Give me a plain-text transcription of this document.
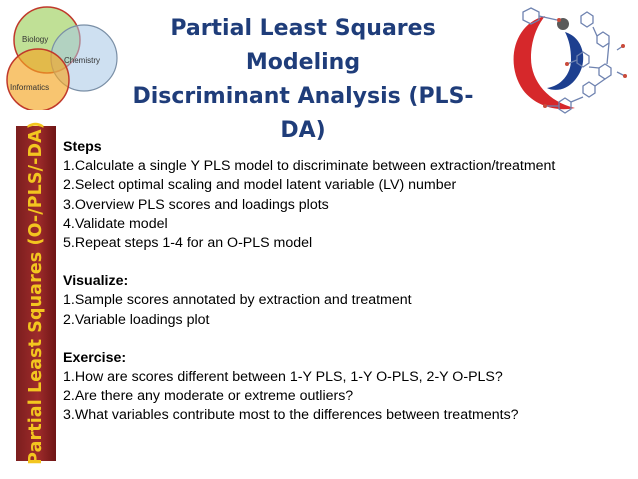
Biology
Chemistry
Informatics
Partial Least Squares Modeling
Discriminant Analysis (PLS-DA)
Partial Least Squares (O-/PLS/-DA) Steps
1.Calculate a single Y PLS model to discriminate between extraction/treatment
2.Select optimal scaling and model latent variable (LV) number
3.Overview PLS scores and loadings plots
4.Validate model
5.Repeat steps 1-4 for an O-PLS model
Visualize:
1.Sample scores annotated by extraction and treatment
2.Variable loadings plot
Exercise:
1.How are scores different between 1-Y PLS, 1-Y O-PLS, 2-Y O-PLS?
2.Are there any moderate or extreme outliers?
3.What variables contribute most to the differences between treatments?
